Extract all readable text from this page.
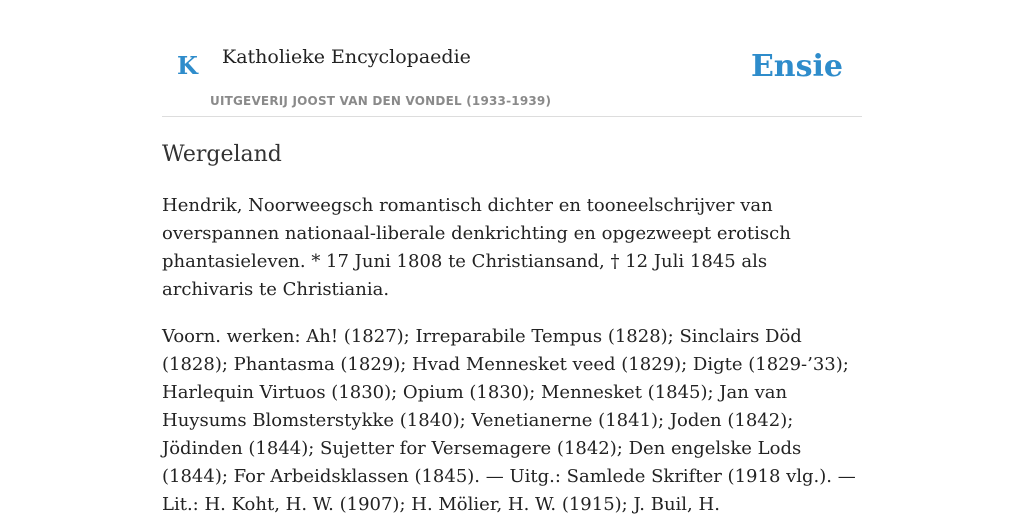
K Katholieke Encyclopaedie
UITGEVERIJ JOOST VAN DEN VONDEL (1933-1939)
Ensie
Wergeland

Hendrik, Noorweegsch romantisch dichter en tooneelschrijver van overspannen nationaal-liberale denkrichting en opgezweept erotisch phantasieleven. * 17 Juni 1808 te Christiansand, † 12 Juli 1845 als archivaris te Christiania.

Voorn. werken: Ah! (1827); Irreparabile Tempus (1828); Sinclairs Död (1828); Phantasma (1829); Hvad Mennesket veed (1829); Digte (1829-’33); Harlequin Virtuos (1830); Opium (1830); Mennesket (1845); Jan van Huysums Blomsterstykke (1840); Venetianerne (1841); Joden (1842); Jödinden (1844); Sujetter for Versemagere (1842); Den engelske Lods (1844); For Arbeidsklassen (1845). — Uitg.: Samlede Skrifter (1918 vlg.). — Lit.: H. Koht, H. W. (1907); H. Mölier, H. W. (1915); J. Buil, H.
